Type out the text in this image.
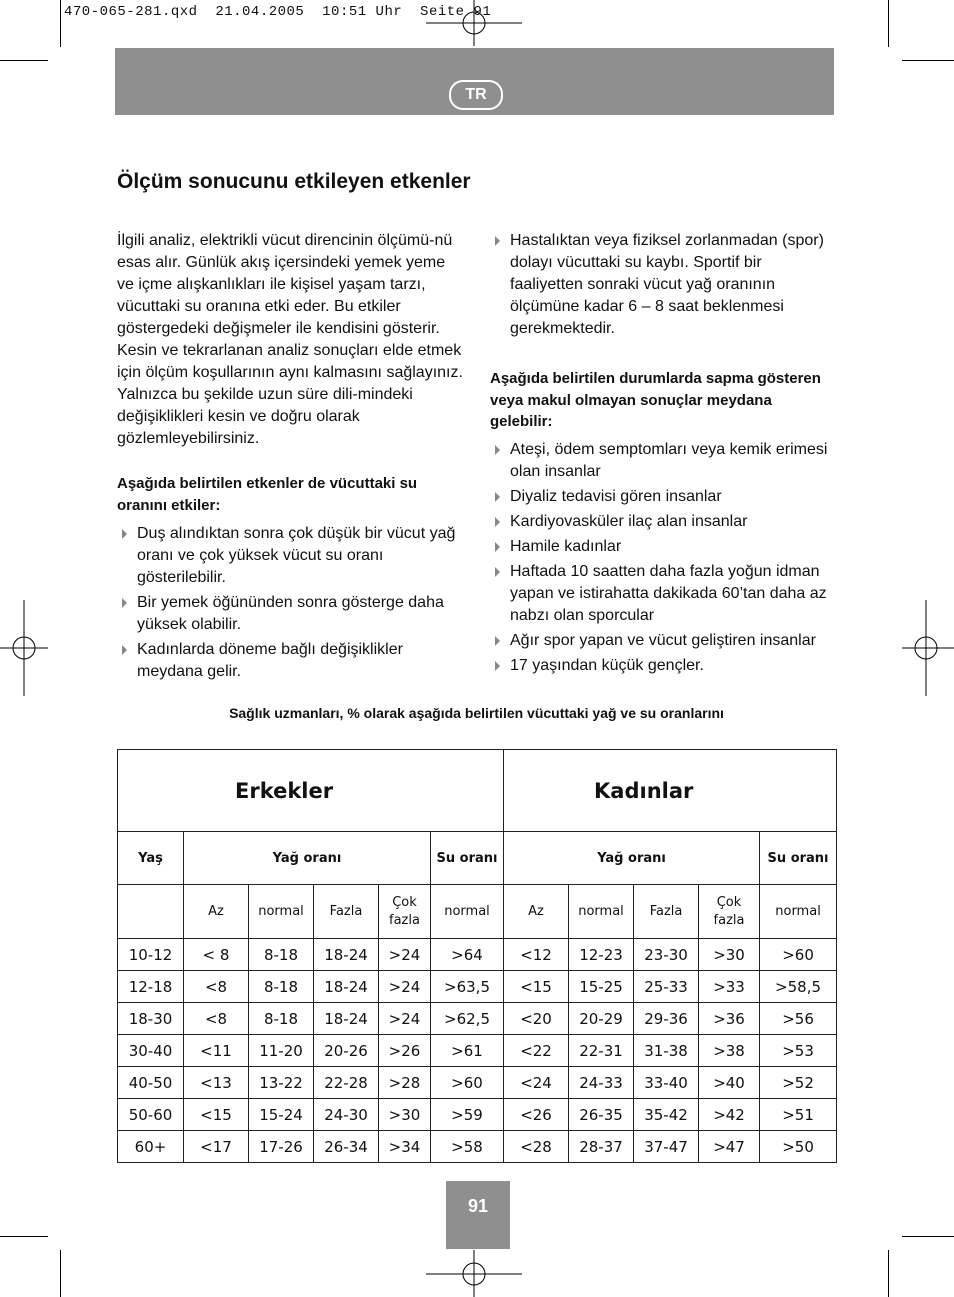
470-065-281.qxd  21.04.2005  10:51 Uhr  Seite 91
TR
Ölçüm sonucunu etkileyen etkenler

İlgili analiz, elektrikli vücut direncinin ölçümü-nü esas alır. Günlük akış içersindeki yemek yeme ve içme alışkanlıkları ile kişisel yaşam tarzı, vücuttaki su oranına etki eder. Bu etkiler göstergedeki değişmeler ile kendisini gösterir. Kesin ve tekrarlanan analiz sonuçları elde etmek için ölçüm koşullarının aynı kalmasını sağlayınız. Yalnızca bu şekilde uzun süre dili-mindeki değişiklikleri kesin ve doğru olarak gözlemleyebilirsiniz.

Aşağıda belirtilen etkenler de vücuttaki su oranını etkiler:

Duş alındıktan sonra çok düşük bir vücut yağ oranı ve çok yüksek vücut su oranı gösterilebilir.
Bir yemek öğününden sonra gösterge daha yüksek olabilir.
Kadınlarda döneme bağlı değişiklikler meydana gelir.
Hastalıktan veya fiziksel zorlanmadan (spor) dolayı vücuttaki su kaybı. Sportif bir faaliyetten sonraki vücut yağ oranının ölçümüne kadar 6 – 8 saat beklenmesi gerekmektedir.

Aşağıda belirtilen durumlarda sapma gösteren veya makul olmayan sonuçlar meydana gelebilir:

Ateşi, ödem semptomları veya kemik erimesi olan insanlar
Diyaliz tedavisi gören insanlar
Kardiyovasküler ilaç alan insanlar
Hamile kadınlar
Haftada 10 saatten daha fazla yoğun idman yapan ve istirahatta dakikada 60’tan daha az nabzı olan sporcular
Ağır spor yapan ve vücut geliştiren insanlar
17 yaşından küçük gençler.
Sağlık uzmanları, % olarak aşağıda belirtilen vücuttaki yağ ve su oranlarını
Erkekler						Kadınlar				
Yaş	Yağ oranı				Su oranı	Yağ oranı				Su oranı
	Az	normal	Fazla	Çok fazla	normal	Az	normal	Fazla	Çok fazla	normal
10-12	< 8	8-18	18-24	>24	>64	<12	12-23	23-30	>30	>60
12-18	<8	8-18	18-24	>24	>63,5	<15	15-25	25-33	>33	>58,5
18-30	<8	8-18	18-24	>24	>62,5	<20	20-29	29-36	>36	>56
30-40	<11	11-20	20-26	>26	>61	<22	22-31	31-38	>38	>53
40-50	<13	13-22	22-28	>28	>60	<24	24-33	33-40	>40	>52
50-60	<15	15-24	24-30	>30	>59	<26	26-35	35-42	>42	>51
60+	<17	17-26	26-34	>34	>58	<28	28-37	37-47	>47	>50
91
